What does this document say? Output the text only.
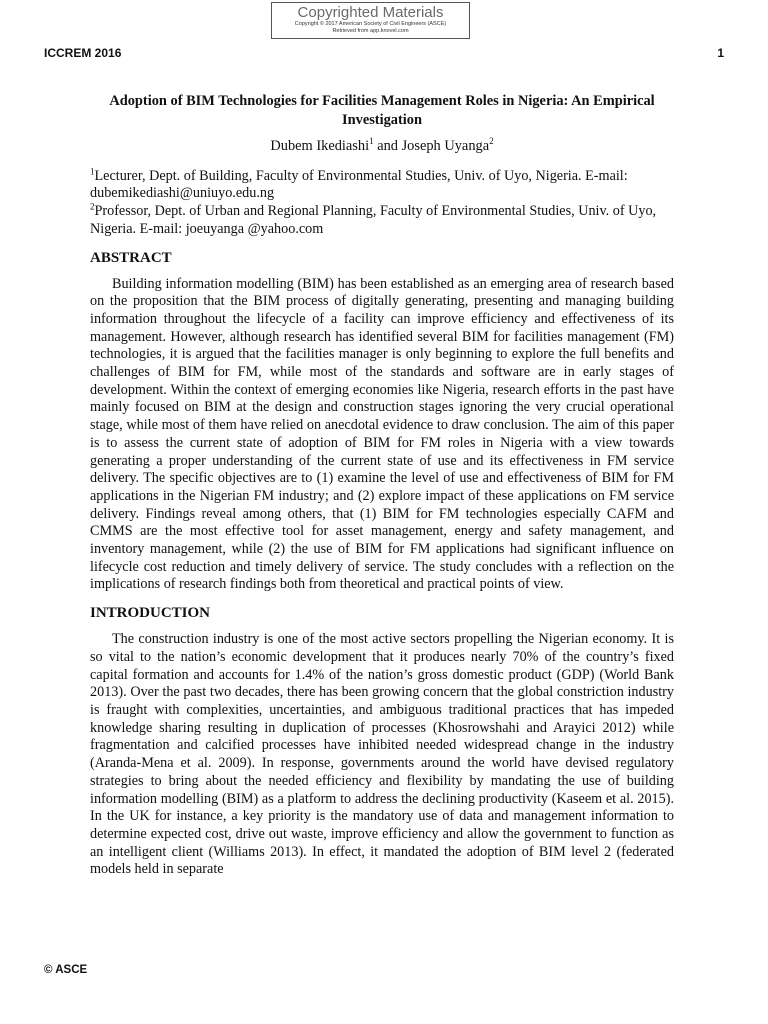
Copyrighted Materials
Copyright © 2017 American Society of Civil Engineers (ASCE)
Retrieved from app.knovel.com
ICCREM 2016	1
Adoption of BIM Technologies for Facilities Management Roles in Nigeria: An Empirical Investigation
Dubem Ikediashi$^1$ and Joseph Uyanga$^2$

$^1$Lecturer, Dept. of Building, Faculty of Environmental Studies, Univ. of Uyo, Nigeria. E-mail: dubemikediashi@uniuyo.edu.ng

$^2$Professor, Dept. of Urban and Regional Planning, Faculty of Environmental Studies, Univ. of Uyo, Nigeria. E-mail: joeuyanga @yahoo.com

ABSTRACT

Building information modelling (BIM) has been established as an emerging area of research based on the proposition that the BIM process of digitally generating, presenting and managing building information throughout the lifecycle of a facility can improve efficiency and effectiveness of its management. However, although research has identified several BIM for facilities management (FM) technologies, it is argued that the facilities manager is only beginning to explore the full benefits and challenges of BIM for FM, while most of the standards and software are in early stages of development. Within the context of emerging economies like Nigeria, research efforts in the past have mainly focused on BIM at the design and construction stages ignoring the very crucial operational stage, while most of them have relied on anecdotal evidence to draw conclusion. The aim of this paper is to assess the current state of adoption of BIM for FM roles in Nigeria with a view towards generating a proper understanding of the current state of use and its effectiveness in FM service delivery. The specific objectives are to (1) examine the level of use and effectiveness of BIM for FM applications in the Nigerian FM industry; and (2) explore impact of these applications on FM service delivery. Findings reveal among others, that (1) BIM for FM technologies especially CAFM and CMMS are the most effective tool for asset management, energy and safety management, and inventory management, while (2) the use of BIM for FM applications had significant influence on lifecycle cost reduction and timely delivery of service. The study concludes with a reflection on the implications of research findings both from theoretical and practical points of view.

INTRODUCTION

The construction industry is one of the most active sectors propelling the Nigerian economy. It is so vital to the nation’s economic development that it produces nearly 70% of the country’s fixed capital formation and accounts for 1.4% of the nation’s gross domestic product (GDP) (World Bank 2013). Over the past two decades, there has been growing concern that the global constriction industry is fraught with complexities, uncertainties, and ambiguous traditional practices that has impeded knowledge sharing resulting in duplication of processes (Khosrowshahi and Arayici 2012) while fragmentation and calcified processes have inhibited needed widespread change in the industry (Aranda-Mena et al. 2009). In response, governments around the world have devised regulatory strategies to bring about the needed efficiency and flexibility by mandating the use of building information modelling (BIM) as a platform to address the declining productivity (Kaseem et al. 2015). In the UK for instance, a key priority is the mandatory use of data and management information to determine expected cost, drive out waste, improve efficiency and allow the government to function as an intelligent client (Williams 2013). In effect, it mandated the adoption of BIM level 2 (federated models held in separate

© ASCE
